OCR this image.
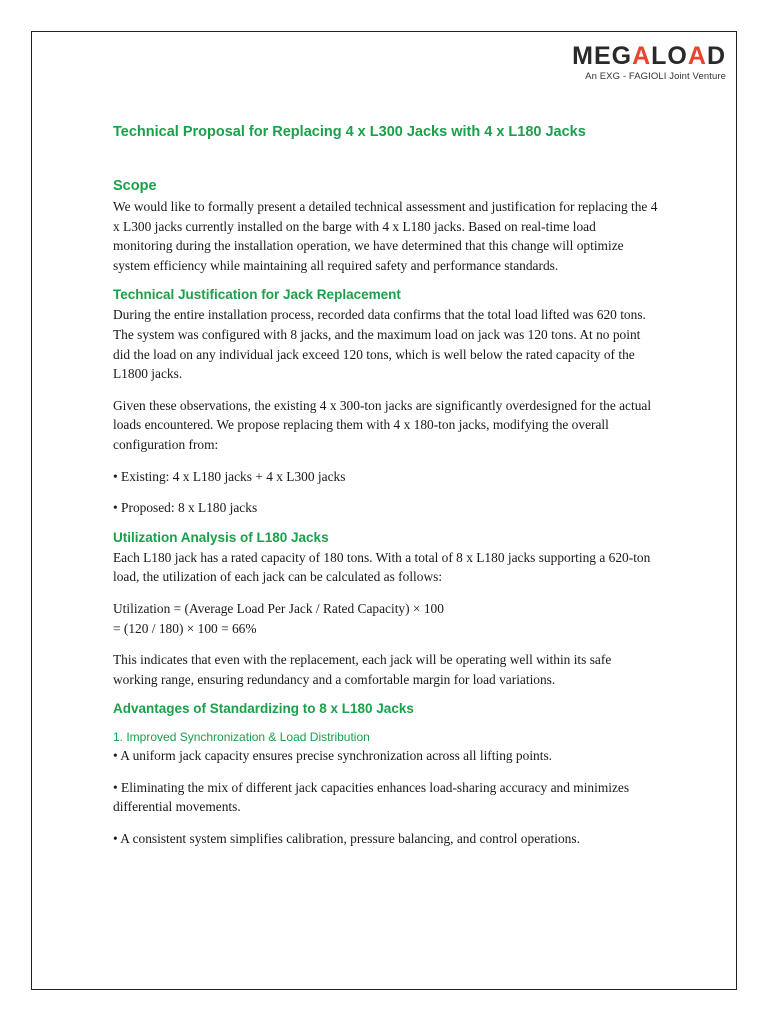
MEGALOAD
An EXG - FAGIOLI Joint Venture
Technical Proposal for Replacing 4 x L300 Jacks with 4 x L180 Jacks
Scope

We would like to formally present a detailed technical assessment and justification for replacing the 4 x L300 jacks currently installed on the barge with 4 x L180 jacks. Based on real-time load monitoring during the installation operation, we have determined that this change will optimize system efficiency while maintaining all required safety and performance standards.

Technical Justification for Jack Replacement

During the entire installation process, recorded data confirms that the total load lifted was 620 tons. The system was configured with 8 jacks, and the maximum load on jack was 120 tons. At no point did the load on any individual jack exceed 120 tons, which is well below the rated capacity of the L1800 jacks.

Given these observations, the existing 4 x 300-ton jacks are significantly overdesigned for the actual loads encountered. We propose replacing them with 4 x 180-ton jacks, modifying the overall configuration from:

• Existing: 4 x L180 jacks + 4 x L300 jacks

• Proposed: 8 x L180 jacks

Utilization Analysis of L180 Jacks

Each L180 jack has a rated capacity of 180 tons. With a total of 8 x L180 jacks supporting a 620-ton load, the utilization of each jack can be calculated as follows:

Utilization = (Average Load Per Jack / Rated Capacity) × 100

= (120 / 180) × 100 = 66%

This indicates that even with the replacement, each jack will be operating well within its safe working range, ensuring redundancy and a comfortable margin for load variations.

Advantages of Standardizing to 8 x L180 Jacks
1. Improved Synchronization & Load Distribution

• A uniform jack capacity ensures precise synchronization across all lifting points.

• Eliminating the mix of different jack capacities enhances load-sharing accuracy and minimizes differential movements.

• A consistent system simplifies calibration, pressure balancing, and control operations.
